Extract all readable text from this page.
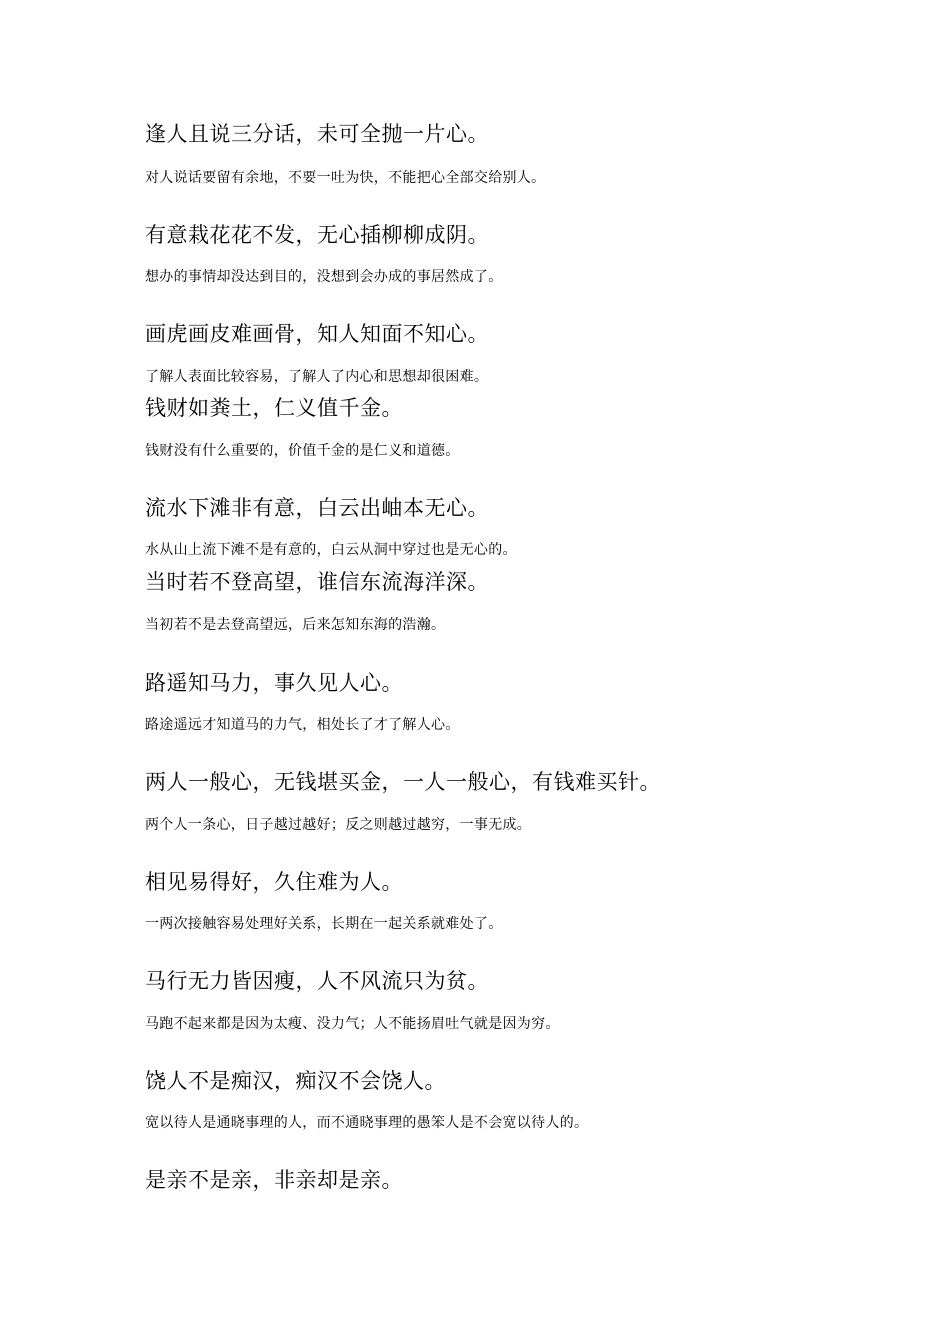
逢人且说三分话，未可全抛一片心。

对人说话要留有余地，不要一吐为快，不能把心全部交给别人。

有意栽花花不发，无心插柳柳成阴。

想办的事情却没达到目的，没想到会办成的事居然成了。

画虎画皮难画骨，知人知面不知心。

了解人表面比较容易，了解人了内心和思想却很困难。

钱财如粪土，仁义值千金。

钱财没有什么重要的，价值千金的是仁义和道德。

流水下滩非有意，白云出岫本无心。

水从山上流下滩不是有意的，白云从洞中穿过也是无心的。

当时若不登高望，谁信东流海洋深。

当初若不是去登高望远，后来怎知东海的浩瀚。

路遥知马力，事久见人心。

路途遥远才知道马的力气，相处长了才了解人心。

两人一般心，无钱堪买金，一人一般心，有钱难买针。

两个人一条心，日子越过越好；反之则越过越穷，一事无成。

相见易得好，久住难为人。

一两次接触容易处理好关系，长期在一起关系就难处了。

马行无力皆因瘦，人不风流只为贫。

马跑不起来都是因为太瘦、没力气；人不能扬眉吐气就是因为穷。

饶人不是痴汉，痴汉不会饶人。

宽以待人是通晓事理的人，而不通晓事理的愚笨人是不会宽以待人的。

是亲不是亲，非亲却是亲。
